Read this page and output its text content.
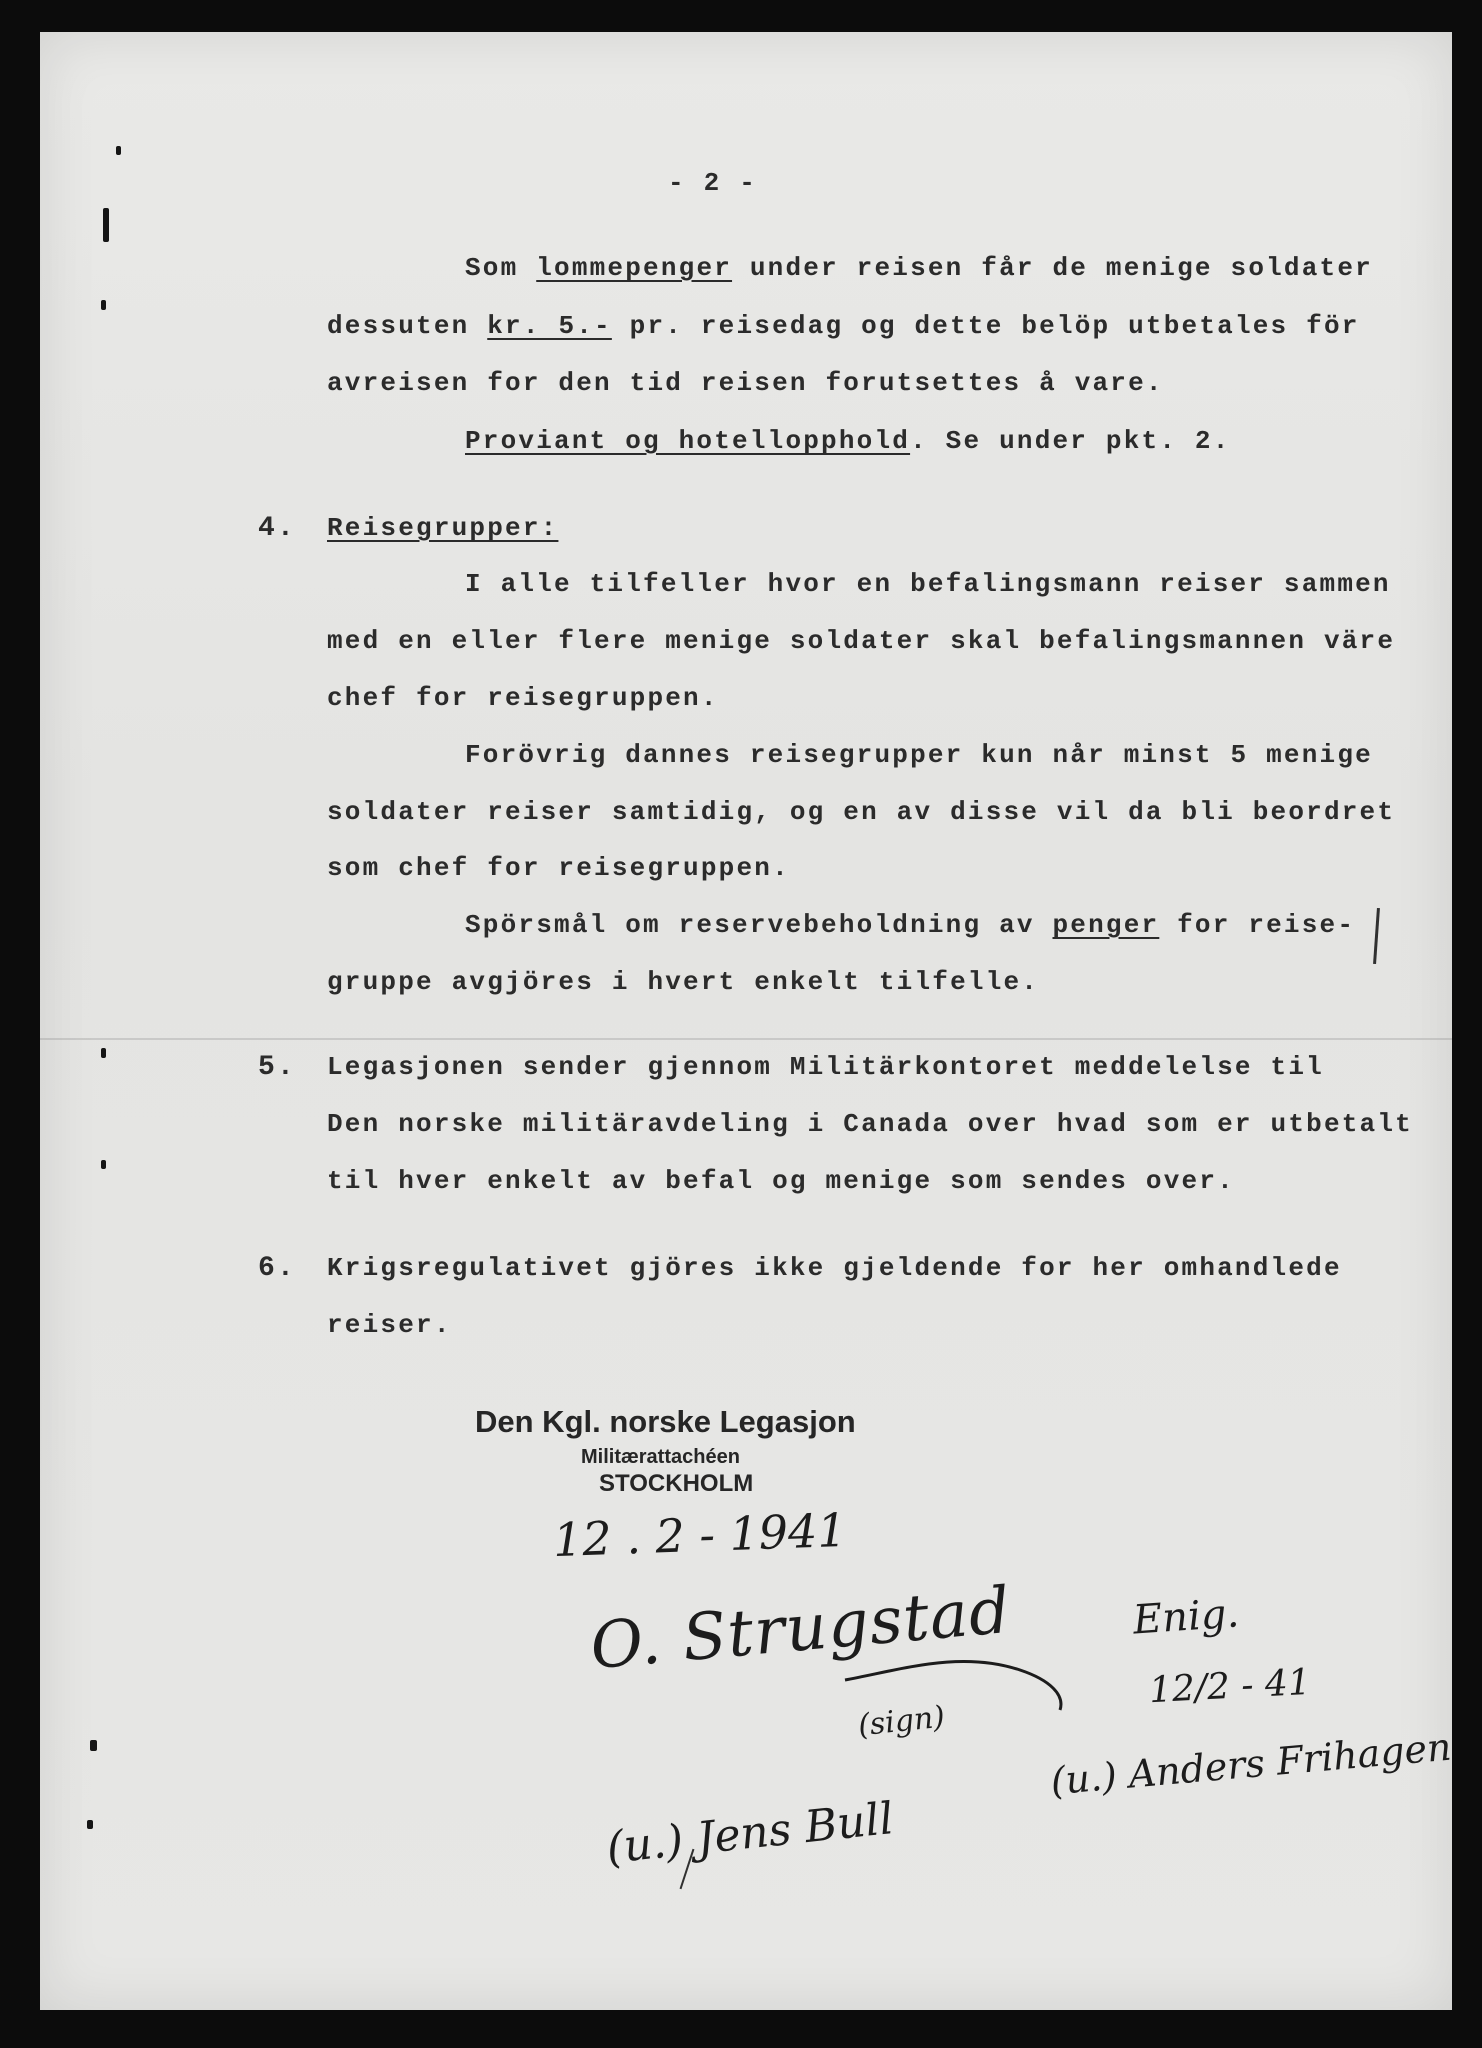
- 2 -

Som lommepenger under reisen får de menige soldater

dessuten kr. 5.- pr. reisedag og dette belöp utbetales för

avreisen for den tid reisen forutsettes å vare.

Proviant og hotellopphold. Se under pkt. 2.

4. Reisegrupper:

I alle tilfeller hvor en befalingsmann reiser sammen

med en eller flere menige soldater skal befalingsmannen väre

chef for reisegruppen.

Forövrig dannes reisegrupper kun når minst 5 menige

soldater reiser samtidig, og en av disse vil da bli beordret

som chef for reisegruppen.

Spörsmål om reservebeholdning av penger for reise-

gruppe avgjöres i hvert enkelt tilfelle.

5. Legasjonen sender gjennom Militärkontoret meddelelse til

Den norske militäravdeling i Canada over hvad som er utbetalt

til hver enkelt av befal og menige som sendes over.

6. Krigsregulativet gjöres ikke gjeldende for her omhandlede

reiser.

Den Kgl. norske Legasjon
Militærattachéen
STOCKHOLM
12 . 2 - 1941
O. Strugstad
(sign)
Enig.
12/2 - 41
(u.) Anders Frihagen
(u.) Jens Bull
